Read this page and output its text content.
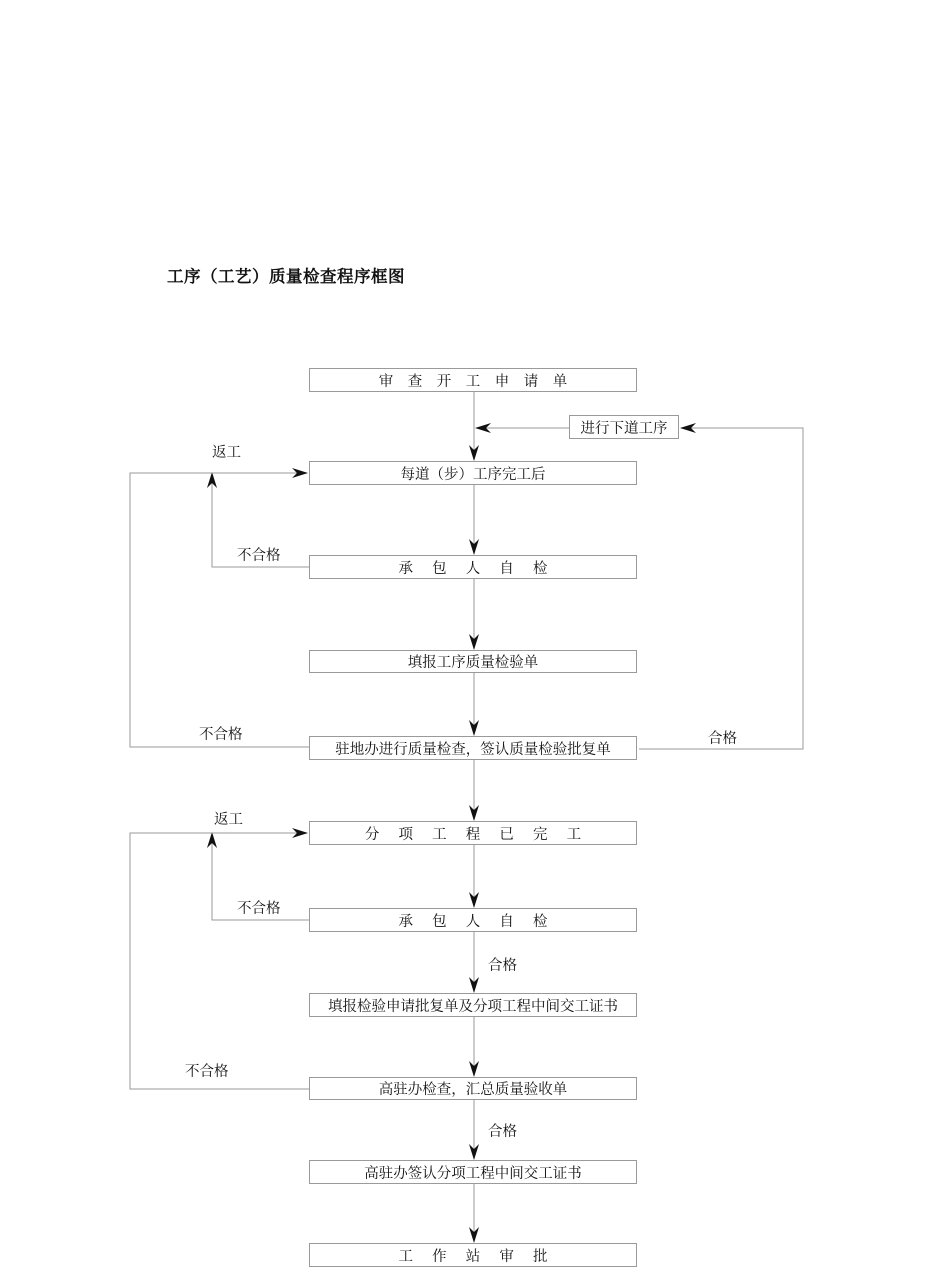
工序（工艺）质量检查程序框图
审　查　开　工　申　请　单
每道（步）工序完工后
承　 包　 人　 自　 检
填报工序质量检验单
驻地办进行质量检查，签认质量检验批复单
分　 项　 工　 程　 已　 完　 工
承　 包　 人　 自　 检
填报检验申请批复单及分项工程中间交工证书
高驻办检查，汇总质量验收单
高驻办签认分项工程中间交工证书
工　 作　 站　 审　 批
进行下道工序
返工
不合格
不合格	合格
返工
不合格
合格
不合格
合格
